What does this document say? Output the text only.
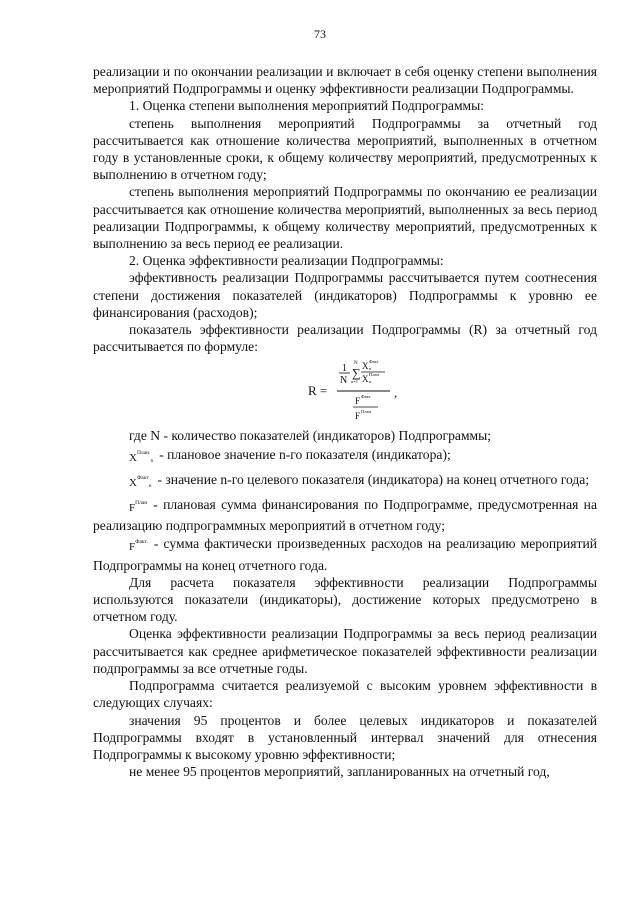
73

реализации и по окончании реализации и включает в себя оценку степени выполнения мероприятий Подпрограммы и оценку эффективности реализации Подпрограммы.

1. Оценка степени выполнения мероприятий Подпрограммы:

степень выполнения мероприятий Подпрограммы за отчетный год рассчитывается как отношение количества мероприятий, выполненных в отчетном году в установленные сроки, к общему количеству мероприятий, предусмотренных к выполнению в отчетном году;

степень выполнения мероприятий Подпрограммы по окончанию ее реализации рассчитывается как отношение количества мероприятий, выполненных за весь период реализации Подпрограммы, к общему количеству мероприятий, предусмотренных к выполнению за весь период ее реализации.

2. Оценка эффективности реализации Подпрограммы:

эффективность реализации Подпрограммы рассчитывается путем соотнесения степени достижения показателей (индикаторов) Подпрограммы к уровню ее финансирования (расходов);

показатель эффективности реализации Подпрограммы (R) за отчетный год рассчитывается по формуле:

R =
1
N
N
∑
n=1
X Факт
n
X План
n
F Факт
F План
,

где N - количество показателей (индикаторов) Подпрограммы;

$X^{План.}_n$ - плановое значение n-го показателя (индикатора);

$X^{Факт}_n$ - значение n-го целевого показателя (индикатора) на конец отчетного года;

$F^{План}$ - плановая сумма финансирования по Подпрограмме, предусмотренная на реализацию подпрограммных мероприятий в отчетном году;

$F^{Факт.}$ - сумма фактически произведенных расходов на реализацию мероприятий Подпрограммы на конец отчетного года.

Для расчета показателя эффективности реализации Подпрограммы используются показатели (индикаторы), достижение которых предусмотрено в отчетном году.

Оценка эффективности реализации Подпрограммы за весь период реализации рассчитывается как среднее арифметическое показателей эффективности реализации подпрограммы за все отчетные годы.

Подпрограмма считается реализуемой с высоким уровнем эффективности в следующих случаях:

значения 95 процентов и более целевых индикаторов и показателей Подпрограммы входят в установленный интервал значений для отнесения Подпрограммы к высокому уровню эффективности;

не менее 95 процентов мероприятий, запланированных на отчетный год,
